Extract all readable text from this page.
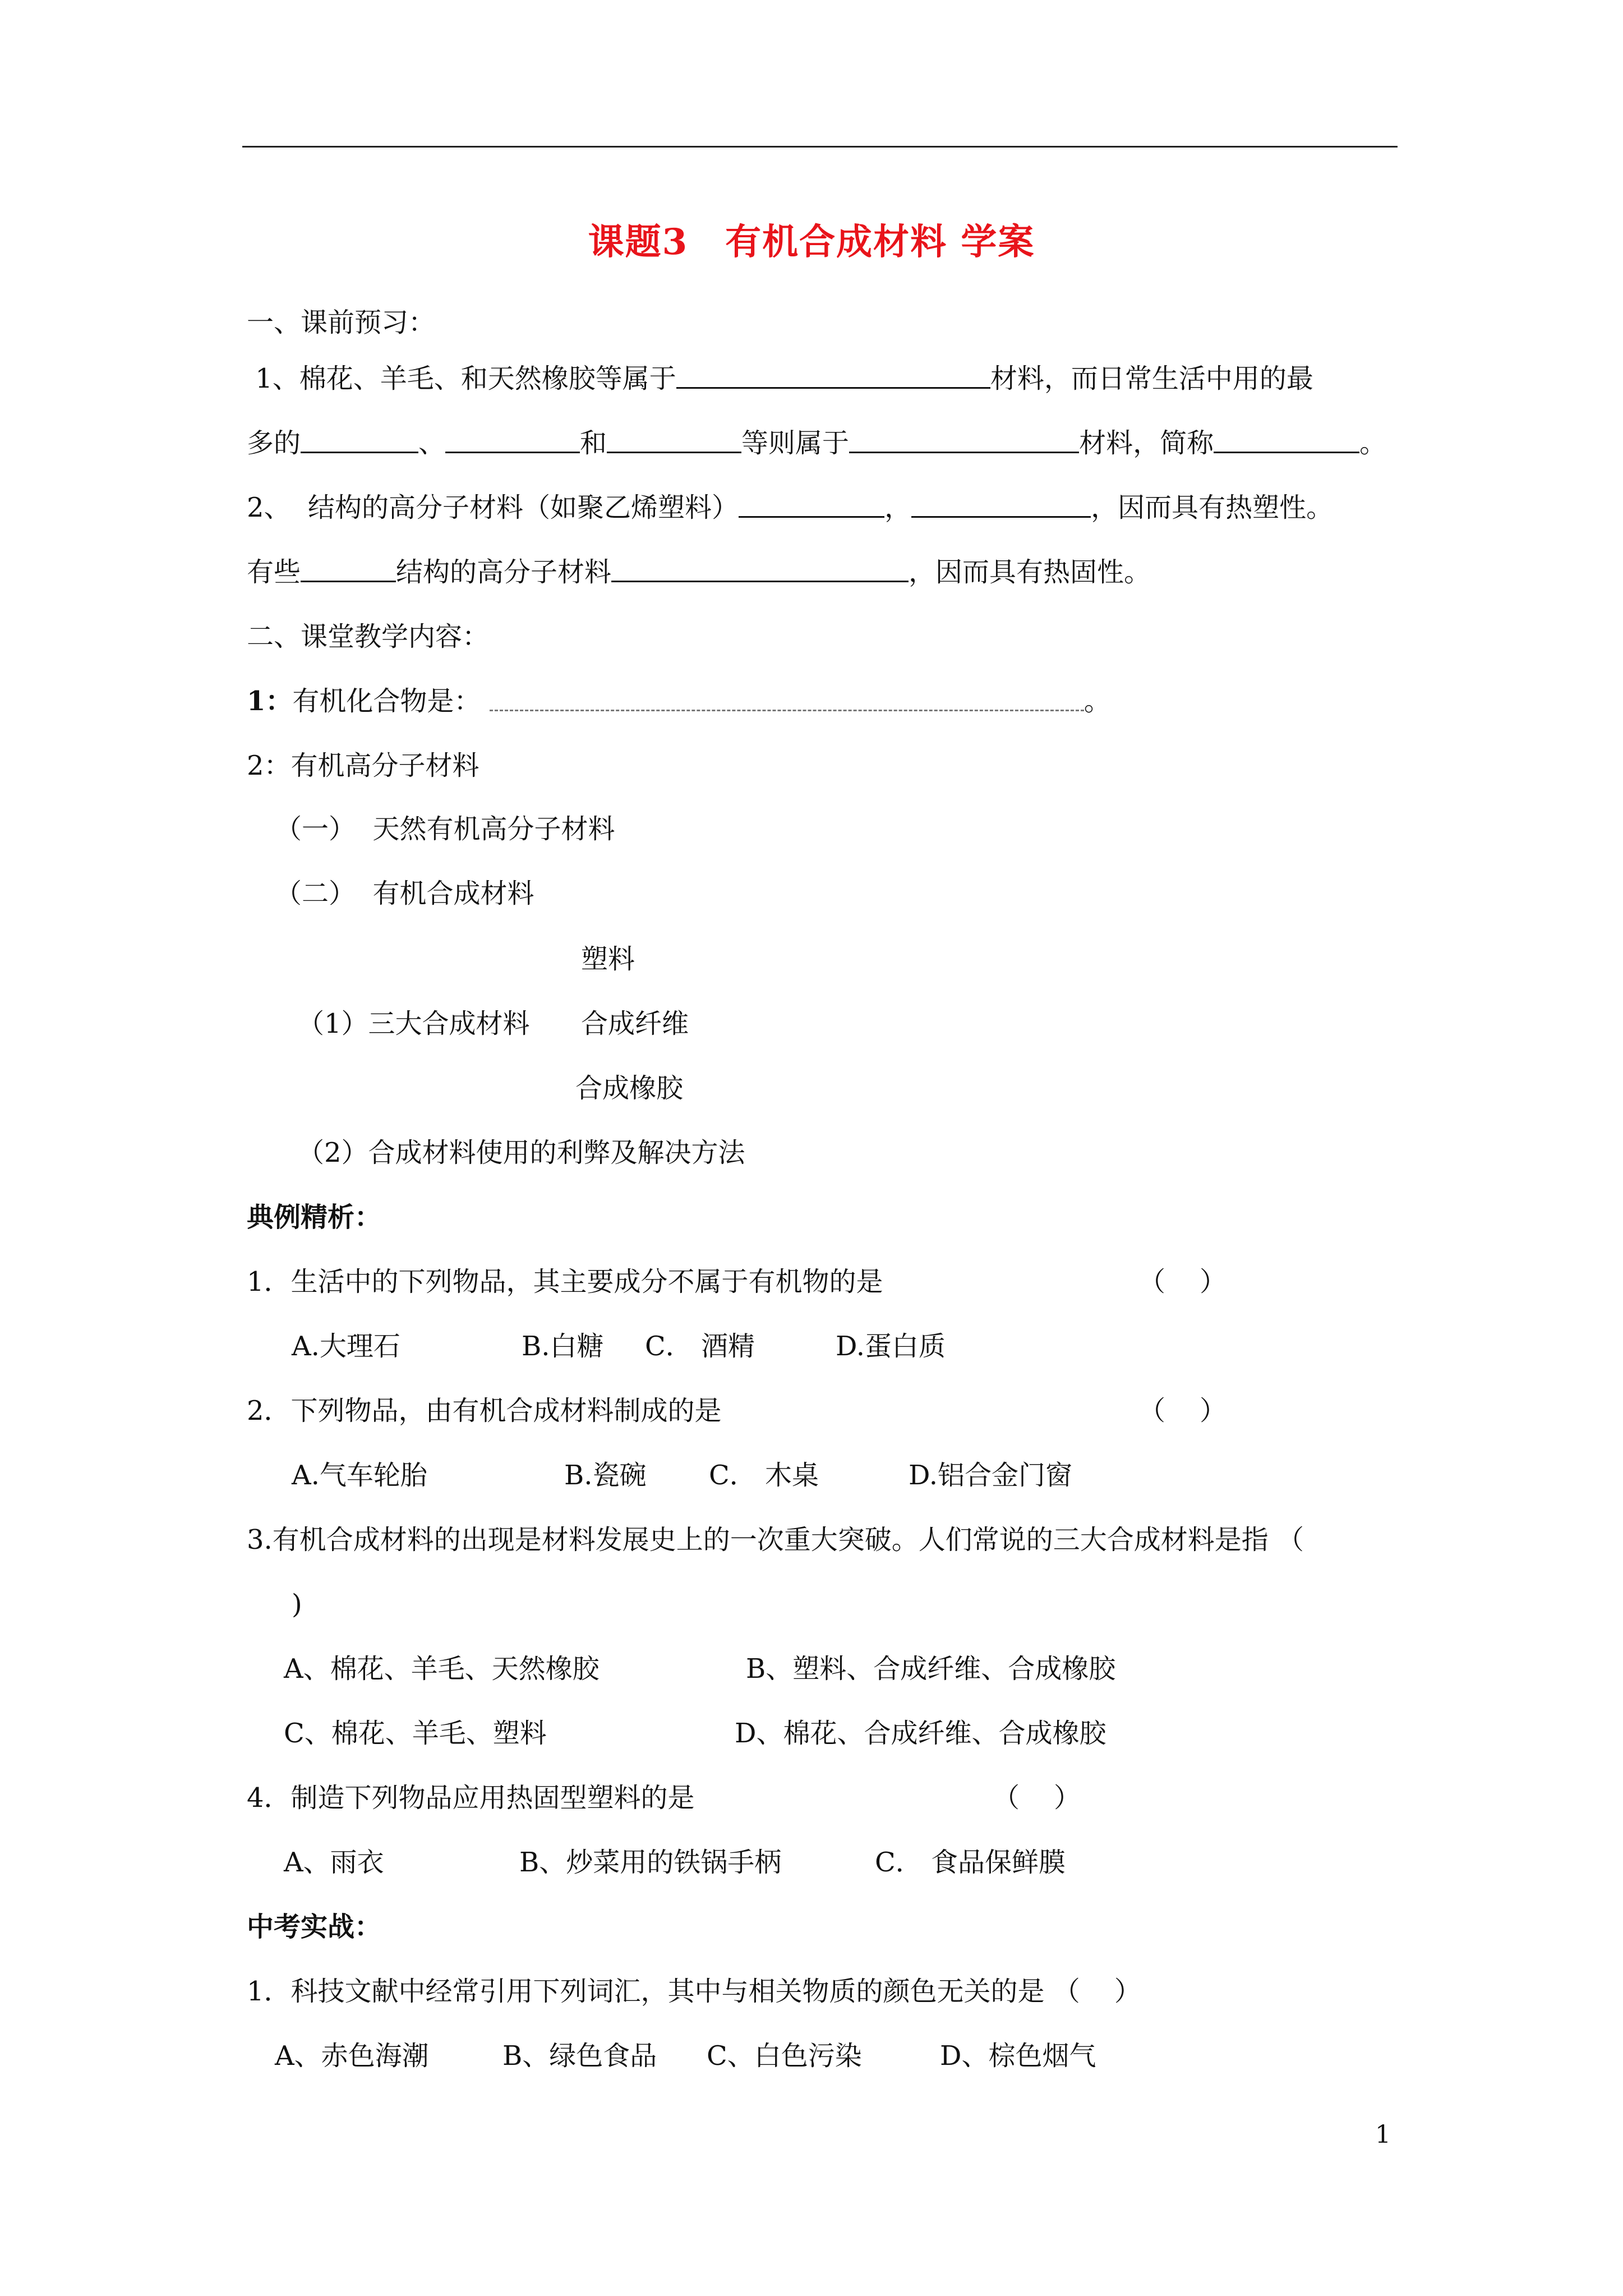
课题3　有机合成材料 学案
一、课前预习：
1、棉花、羊毛、和天然橡胶等属于	材料，而日常生活中用的最
多的	、	和	等则属于	材料，简称	。
2、  结构的高分子材料（如聚乙烯塑料）	，	，因而具有热塑性。
有些	结构的高分子材料	，因而具有热固性。
二、课堂教学内容：
1：有机化合物是：	。
2：有机高分子材料
（一）  天然有机高分子材料
（二）  有机合成材料
塑料
（1）三大合成材料 合成纤维
合成橡胶
（2）合成材料使用的利弊及解决方法
典例精析：
1．生活中的下列物品，其主要成分不属于有机物的是	（    ）
A.大理石	B.白糖 C． 酒精	D.蛋白质
2．下列物品，由有机合成材料制成的是	（    ）
A.气车轮胎	B.瓷碗 C． 木桌	D.铝合金门窗
3.有机合成材料的出现是材料发展史上的一次重大突破。人们常说的三大合成材料是指 （
)
A、棉花、羊毛、天然橡胶	B、塑料、合成纤维、合成橡胶
C、棉花、羊毛、塑料	D、棉花、合成纤维、合成橡胶
4．制造下列物品应用热固型塑料的是	（    ）
A、雨衣	B、炒菜用的铁锅手柄	C． 食品保鲜膜
中考实战：
1．科技文献中经常引用下列词汇，其中与相关物质的颜色无关的是 （    ）
A、赤色海潮	B、绿色食品 C、白色污染	D、棕色烟气
1
